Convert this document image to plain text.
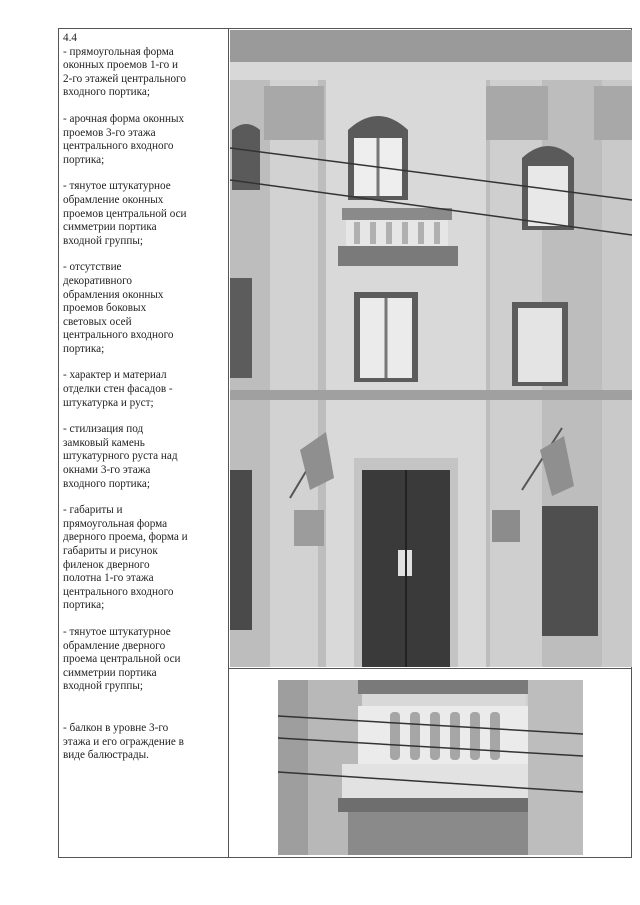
4.4
- прямоугольная форма
оконных проемов 1-го и
2-го этажей центрального
входного портика;
- арочная форма оконных
проемов 3-го этажа
центрального входного
портика;
- тянутое штукатурное
обрамление оконных
проемов центральной оси
симметрии портика
входной группы;
- отсутствие
декоративного
обрамления оконных
проемов боковых
световых осей
центрального входного
портика;
- характер и материал
отделки стен фасадов -
штукатурка и руст;
- стилизация под
замковый камень
штукатурного руста над
окнами 3-го этажа
входного портика;
- габариты и
прямоугольная форма
дверного проема, форма и
габариты и рисунок
филенок дверного
полотна 1-го этажа
центрального входного
портика;
- тянутое штукатурное
обрамление дверного
проема центральной оси
симметрии портика
входной группы;
- балкон в уровне 3-го
этажа и его ограждение в
виде балюстрады.
